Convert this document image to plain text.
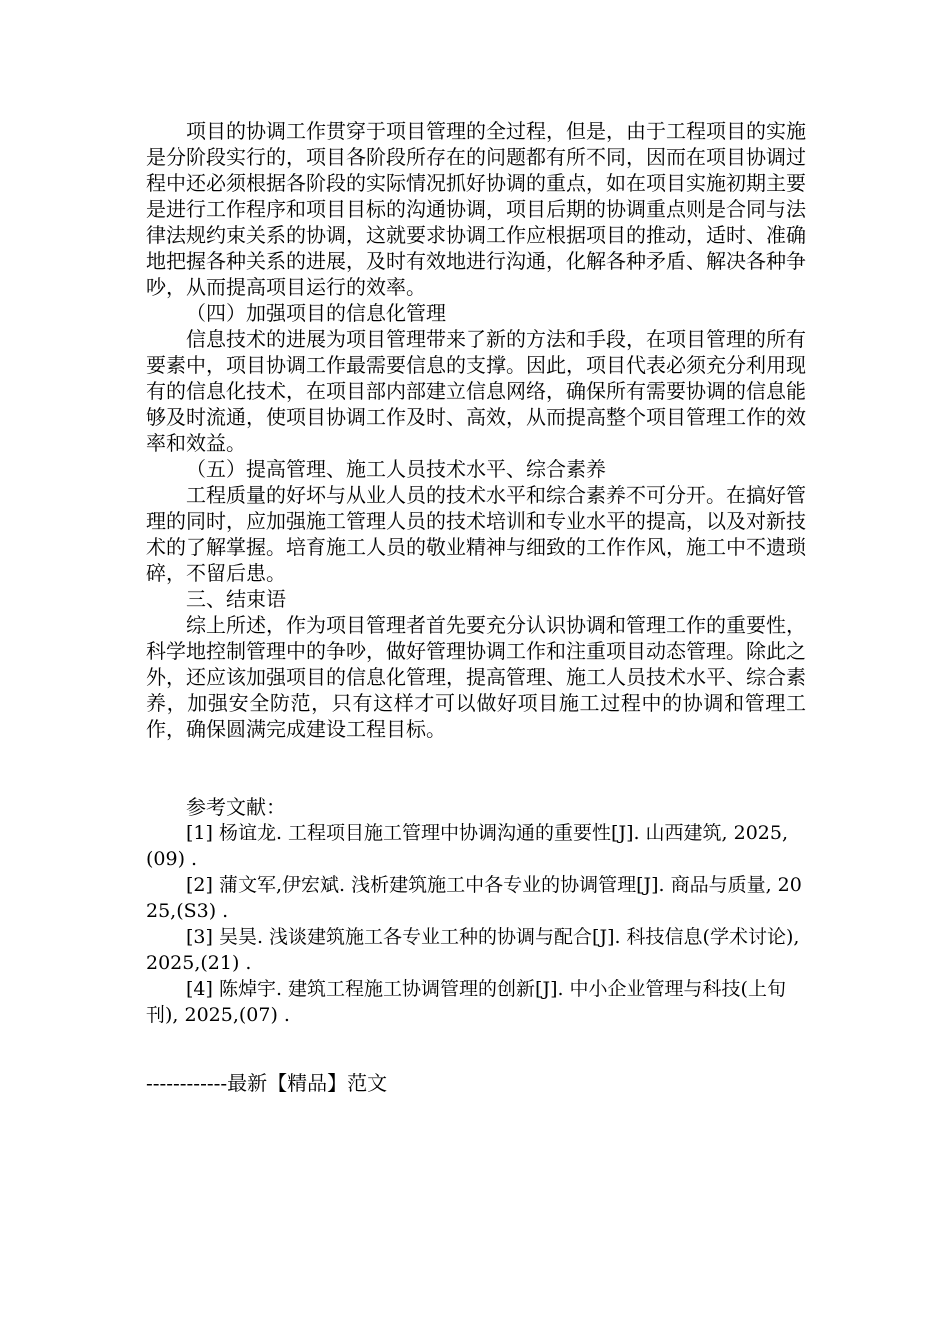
项目的协调工作贯穿于项目管理的全过程，但是，由于工程项目的实施是分阶段实行的，项目各阶段所存在的问题都有所不同，因而在项目协调过程中还必须根据各阶段的实际情况抓好协调的重点，如在项目实施初期主要是进行工作程序和项目目标的沟通协调，项目后期的协调重点则是合同与法律法规约束关系的协调，这就要求协调工作应根据项目的推动，适时、准确地把握各种关系的进展，及时有效地进行沟通，化解各种矛盾、解决各种争吵，从而提高项目运行的效率。

（四）加强项目的信息化管理

信息技术的进展为项目管理带来了新的方法和手段，在项目管理的所有要素中，项目协调工作最需要信息的支撑。因此，项目代表必须充分利用现有的信息化技术，在项目部内部建立信息网络，确保所有需要协调的信息能够及时流通，使项目协调工作及时、高效，从而提高整个项目管理工作的效率和效益。

（五）提高管理、施工人员技术水平、综合素养

工程质量的好坏与从业人员的技术水平和综合素养不可分开。在搞好管理的同时，应加强施工管理人员的技术培训和专业水平的提高，以及对新技术的了解掌握。培育施工人员的敬业精神与细致的工作作风，施工中不遗琐碎，不留后患。

三、结束语

综上所述，作为项目管理者首先要充分认识协调和管理工作的重要性，科学地控制管理中的争吵，做好管理协调工作和注重项目动态管理。除此之外，还应该加强项目的信息化管理，提高管理、施工人员技术水平、综合素养，加强安全防范，只有这样才可以做好项目施工过程中的协调和管理工作，确保圆满完成建设工程目标。

参考文献：

[1] 杨谊龙. 工程项目施工管理中协调沟通的重要性[J]. 山西建筑, 2025,(09) .

[2] 蒲文军,伊宏斌. 浅析建筑施工中各专业的协调管理[J]. 商品与质量, 2025,(S3) .

[3] 吴昊. 浅谈建筑施工各专业工种的协调与配合[J]. 科技信息(学术讨论), 2025,(21) .

[4] 陈焯宇. 建筑工程施工协调管理的创新[J]. 中小企业管理与科技(上旬刊), 2025,(07) .

------------最新【精品】范文
